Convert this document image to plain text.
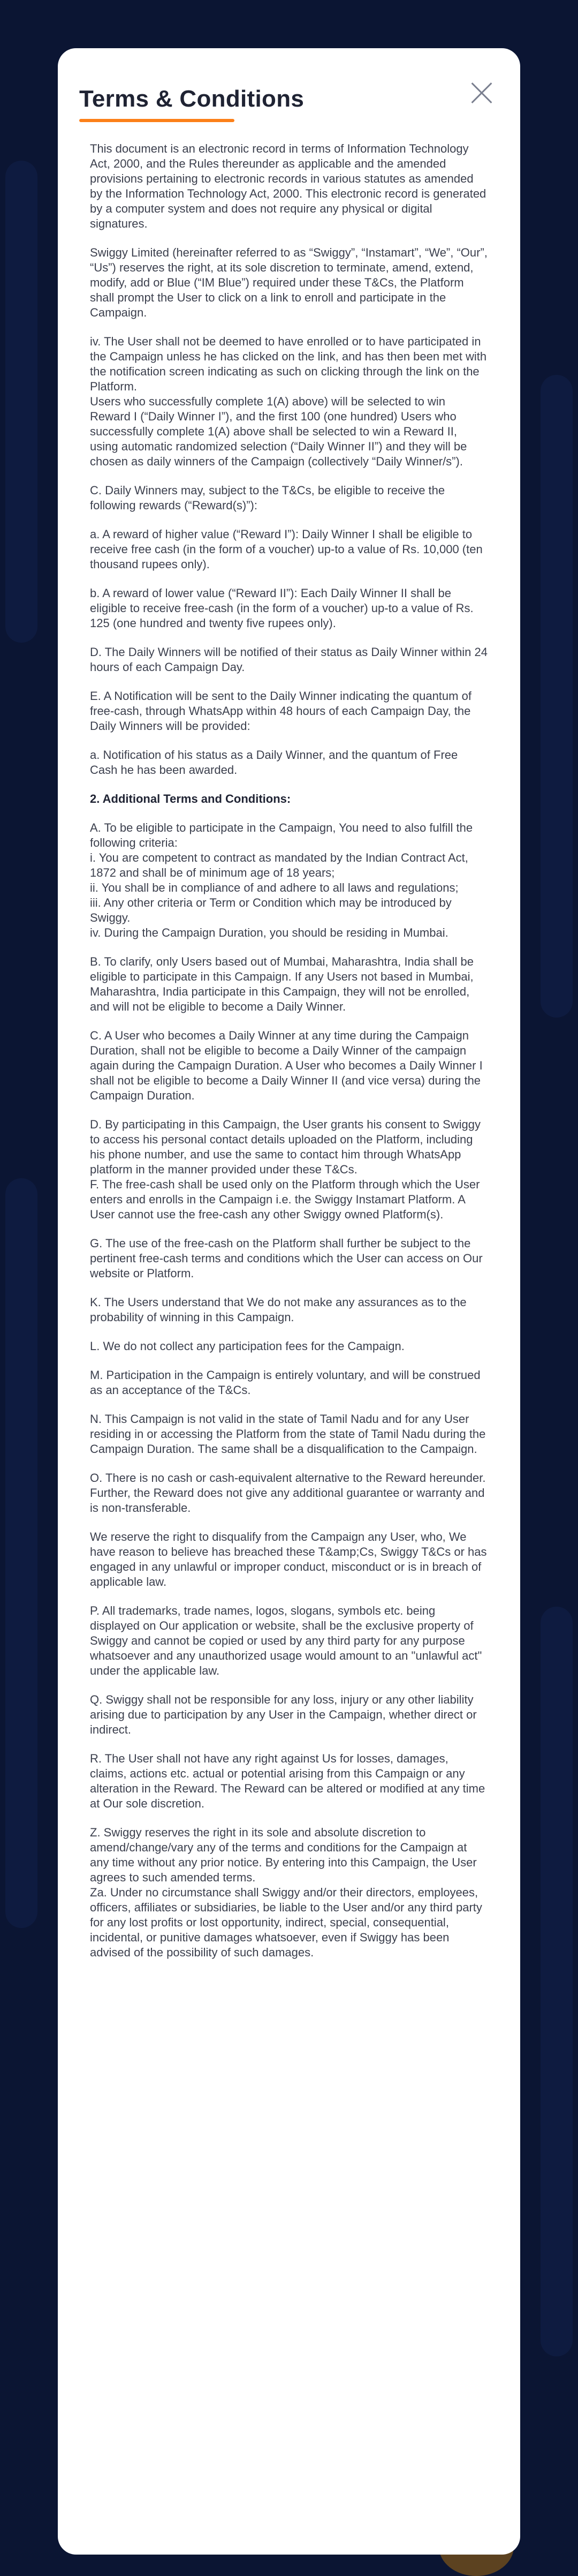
Terms & Conditions

This document is an electronic record in terms of Information Technology Act, 2000, and the Rules thereunder as applicable and the amended provisions pertaining to electronic records in various statutes as amended by the Information Technology Act, 2000. This electronic record is generated by a computer system and does not require any physical or digital signatures.

Swiggy Limited (hereinafter referred to as “Swiggy”, “Instamart”, “We”, “Our”, “Us”) reserves the right, at its sole discretion to terminate, amend, extend, modify, add or Blue (“IM Blue”) required under these T&Cs, the Platform shall prompt the User to click on a link to enroll and participate in the Campaign.

iv. The User shall not be deemed to have enrolled or to have participated in the Campaign unless he has clicked on the link, and has then been met with the notification screen indicating as such on clicking through the link on the Platform.

Users who successfully complete 1(A) above) will be selected to win Reward I (“Daily Winner I”), and the first 100 (one hundred) Users who successfully complete 1(A) above shall be selected to win a Reward II, using automatic randomized selection (“Daily Winner II”) and they will be chosen as daily winners of the Campaign (collectively “Daily Winner/s”).

C. Daily Winners may, subject to the T&Cs, be eligible to receive the following rewards (“Reward(s)”):

a. A reward of higher value (“Reward I”): Daily Winner I shall be eligible to receive free cash (in the form of a voucher) up-to a value of Rs. 10,000 (ten thousand rupees only).

b. A reward of lower value (“Reward II”): Each Daily Winner II shall be eligible to receive free-cash (in the form of a voucher) up-to a value of Rs. 125 (one hundred and twenty five rupees only).

D. The Daily Winners will be notified of their status as Daily Winner within 24 hours of each Campaign Day.

E. A Notification will be sent to the Daily Winner indicating the quantum of free-cash, through WhatsApp within 48 hours of each Campaign Day, the Daily Winners will be provided:

a. Notification of his status as a Daily Winner, and the quantum of Free Cash he has been awarded.

2. Additional Terms and Conditions:

A. To be eligible to participate in the Campaign, You need to also fulfill the following criteria:
i. You are competent to contract as mandated by the Indian Contract Act, 1872 and shall be of minimum age of 18 years;
ii. You shall be in compliance of and adhere to all laws and regulations;
iii. Any other criteria or Term or Condition which may be introduced by Swiggy.
iv. During the Campaign Duration, you should be residing in Mumbai.

B. To clarify, only Users based out of Mumbai, Maharashtra, India shall be eligible to participate in this Campaign. If any Users not based in Mumbai, Maharashtra, India participate in this Campaign, they will not be enrolled, and will not be eligible to become a Daily Winner.

C. A User who becomes a Daily Winner at any time during the Campaign Duration, shall not be eligible to become a Daily Winner of the campaign again during the Campaign Duration. A User who becomes a Daily Winner I shall not be eligible to become a Daily Winner II (and vice versa) during the Campaign Duration.

D. By participating in this Campaign, the User grants his consent to Swiggy to access his personal contact details uploaded on the Platform, including his phone number, and use the same to contact him through WhatsApp platform in the manner provided under these T&Cs.

F. The free-cash shall be used only on the Platform through which the User enters and enrolls in the Campaign i.e. the Swiggy Instamart Platform. A User cannot use the free-cash any other Swiggy owned Platform(s).

G. The use of the free-cash on the Platform shall further be subject to the pertinent free-cash terms and conditions which the User can access on Our website or Platform.

K. The Users understand that We do not make any assurances as to the probability of winning in this Campaign.

L. We do not collect any participation fees for the Campaign.

M. Participation in the Campaign is entirely voluntary, and will be construed as an acceptance of the T&Cs.

N. This Campaign is not valid in the state of Tamil Nadu and for any User residing in or accessing the Platform from the state of Tamil Nadu during the Campaign Duration. The same shall be a disqualification to the Campaign.

O. There is no cash or cash-equivalent alternative to the Reward hereunder. Further, the Reward does not give any additional guarantee or warranty and is non-transferable.

We reserve the right to disqualify from the Campaign any User, who, We have reason to believe has breached these T&amp;Cs, Swiggy T&Cs or has engaged in any unlawful or improper conduct, misconduct or is in breach of applicable law.

P. All trademarks, trade names, logos, slogans, symbols etc. being displayed on Our application or website, shall be the exclusive property of Swiggy and cannot be copied or used by any third party for any purpose whatsoever and any unauthorized usage would amount to an "unlawful act" under the applicable law.

Q. Swiggy shall not be responsible for any loss, injury or any other liability arising due to participation by any User in the Campaign, whether direct or indirect.

R. The User shall not have any right against Us for losses, damages, claims, actions etc. actual or potential arising from this Campaign or any alteration in the Reward. The Reward can be altered or modified at any time at Our sole discretion.

Z. Swiggy reserves the right in its sole and absolute discretion to amend/change/vary any of the terms and conditions for the Campaign at any time without any prior notice. By entering into this Campaign, the User agrees to such amended terms.
Za. Under no circumstance shall Swiggy and/or their directors, employees, officers, affiliates or subsidiaries, be liable to the User and/or any third party for any lost profits or lost opportunity, indirect, special, consequential, incidental, or punitive damages whatsoever, even if Swiggy has been advised of the possibility of such damages.
